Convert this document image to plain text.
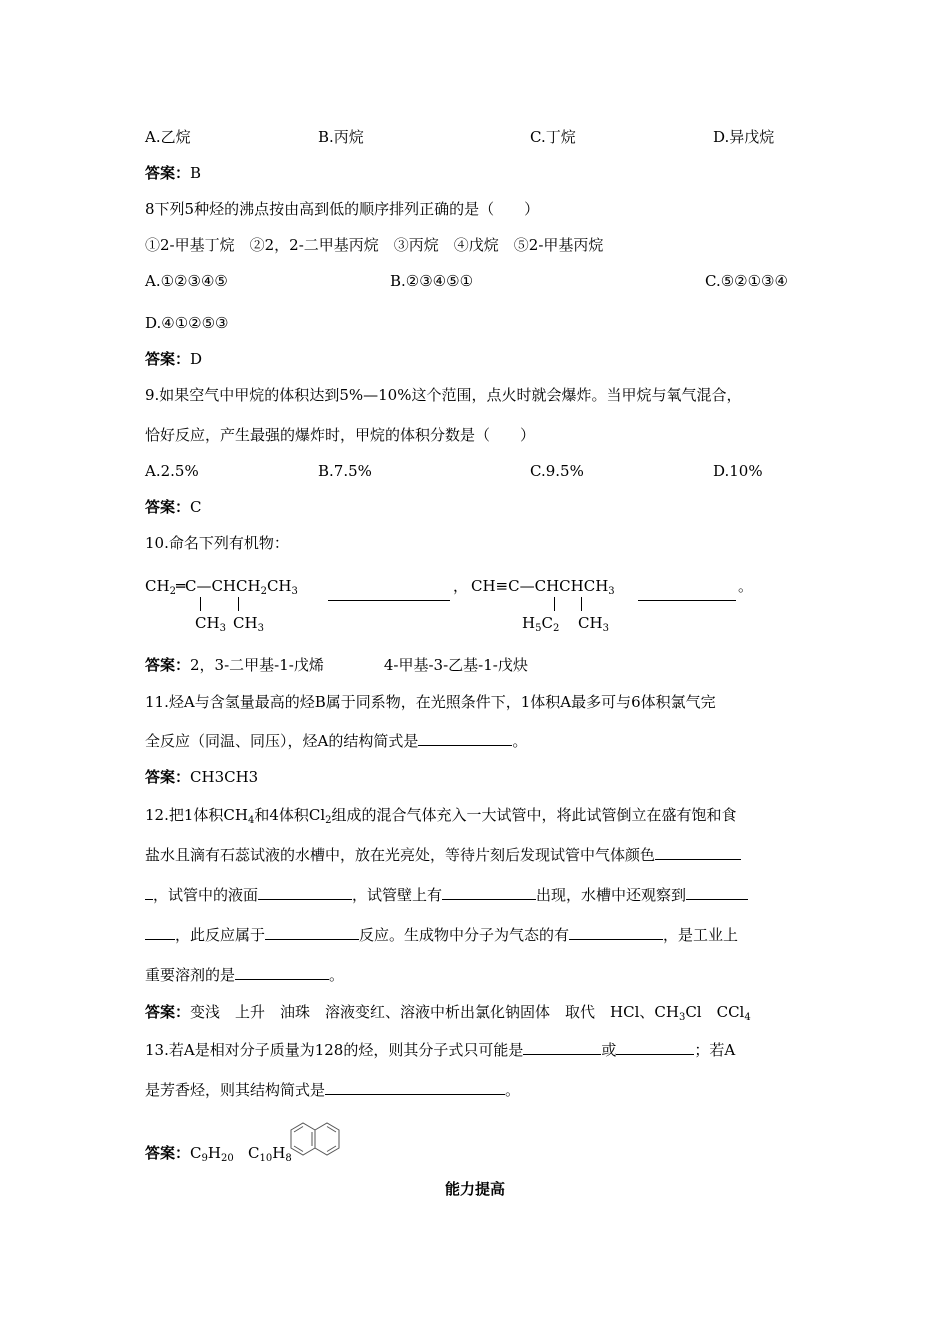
A.乙烷	B.丙烷	C.丁烷	D.异戊烷
答案：B
8下列5种烃的沸点按由高到低的顺序排列正确的是（　　）
①2-甲基丁烷　②2，2-二甲基丙烷　③丙烷　④戊烷　⑤2-甲基丙烷
A.①②③④⑤	B.②③④⑤①	C.⑤②①③④
D.④①②⑤③
答案：D
9.如果空气中甲烷的体积达到5%—10%这个范围，点火时就会爆炸。当甲烷与氧气混合，
恰好反应，产生最强的爆炸时，甲烷的体积分数是（　　）
A.2.5%	B.7.5%	C.9.5%	D.10%
答案：C
10.命名下列有机物：
$CH_2═C—CHCH_2CH_3$	，
$CH_3$ $CH_3$
$CH\equiv C—CHCHCH_3$	。
$H_5C_2$ $CH_3$
答案：2，3-二甲基-1-戊烯　　　　4-甲基-3-乙基-1-戊炔
11.烃A与含氢量最高的烃B属于同系物，在光照条件下，1体积A最多可与6体积氯气完
全反应（同温、同压），烃A的结构简式是	。
答案：CH3CH3
12.把1体积$CH_4$和4体积$Cl_2$组成的混合气体充入一大试管中，将此试管倒立在盛有饱和食
盐水且滴有石蕊试液的水槽中，放在光亮处，等待片刻后发现试管中气体颜色
，试管中的液面	，试管壁上有	出现，水槽中还观察到
，此反应属于	反应。生成物中分子为气态的有	，是工业上
重要溶剂的是	。
答案：变浅　上升　油珠　溶液变红、溶液中析出氯化钠固体　取代　HCl、$CH_3Cl$　CCl$_4$
13.若A是相对分子质量为128的烃，则其分子式只可能是	或	；若A
是芳香烃，则其结构简式是	。
答案：$C_9H_{20}$ $C_{10}H_8$
能力提高
